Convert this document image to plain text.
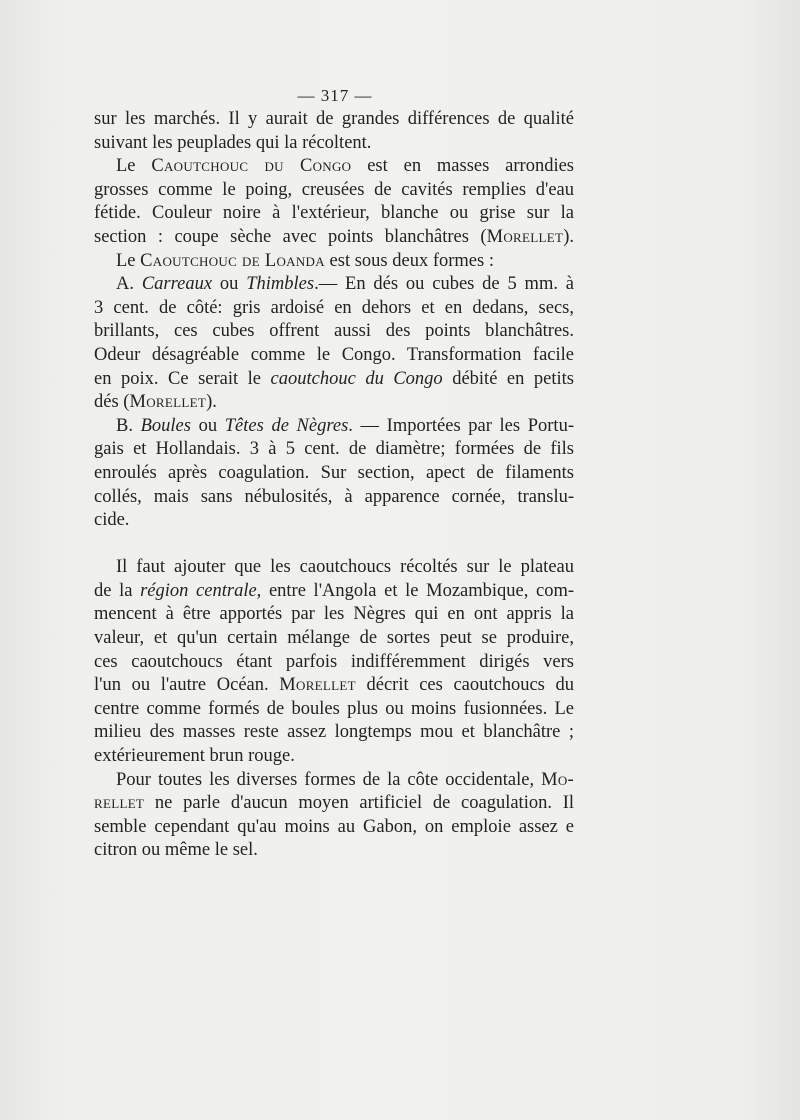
— 317 —
sur les marchés. Il y aurait de grandes différences de qualité
suivant les peuplades qui la récoltent.
Le Caoutchouc du Congo est en masses arrondies
grosses comme le poing, creusées de cavités remplies d'eau
fétide. Couleur noire à l'extérieur, blanche ou grise sur la
section : coupe sèche avec points blanchâtres (Morellet).
Le Caoutchouc de Loanda est sous deux formes :
A. Carreaux ou Thimbles.— En dés ou cubes de 5 mm. à
3 cent. de côté: gris ardoisé en dehors et en dedans, secs,
brillants, ces cubes offrent aussi des points blanchâtres.
Odeur désagréable comme le Congo. Transformation facile
en poix. Ce serait le caoutchouc du Congo débité en petits
dés (Morellet).
B. Boules ou Têtes de Nègres. — Importées par les Portu-
gais et Hollandais. 3 à 5 cent. de diamètre; formées de fils
enroulés après coagulation. Sur section, apect de filaments
collés, mais sans nébulosités, à apparence cornée, translu-
cide.
Il faut ajouter que les caoutchoucs récoltés sur le plateau
de la région centrale, entre l'Angola et le Mozambique, com-
mencent à être apportés par les Nègres qui en ont appris la
valeur, et qu'un certain mélange de sortes peut se produire,
ces caoutchoucs étant parfois indifféremment dirigés vers
l'un ou l'autre Océan. Morellet décrit ces caoutchoucs du
centre comme formés de boules plus ou moins fusionnées. Le
milieu des masses reste assez longtemps mou et blanchâtre ;
extérieurement brun rouge.
Pour toutes les diverses formes de la côte occidentale, Mo-
rellet ne parle d'aucun moyen artificiel de coagulation. Il
semble cependant qu'au moins au Gabon, on emploie assez e
citron ou même le sel.
